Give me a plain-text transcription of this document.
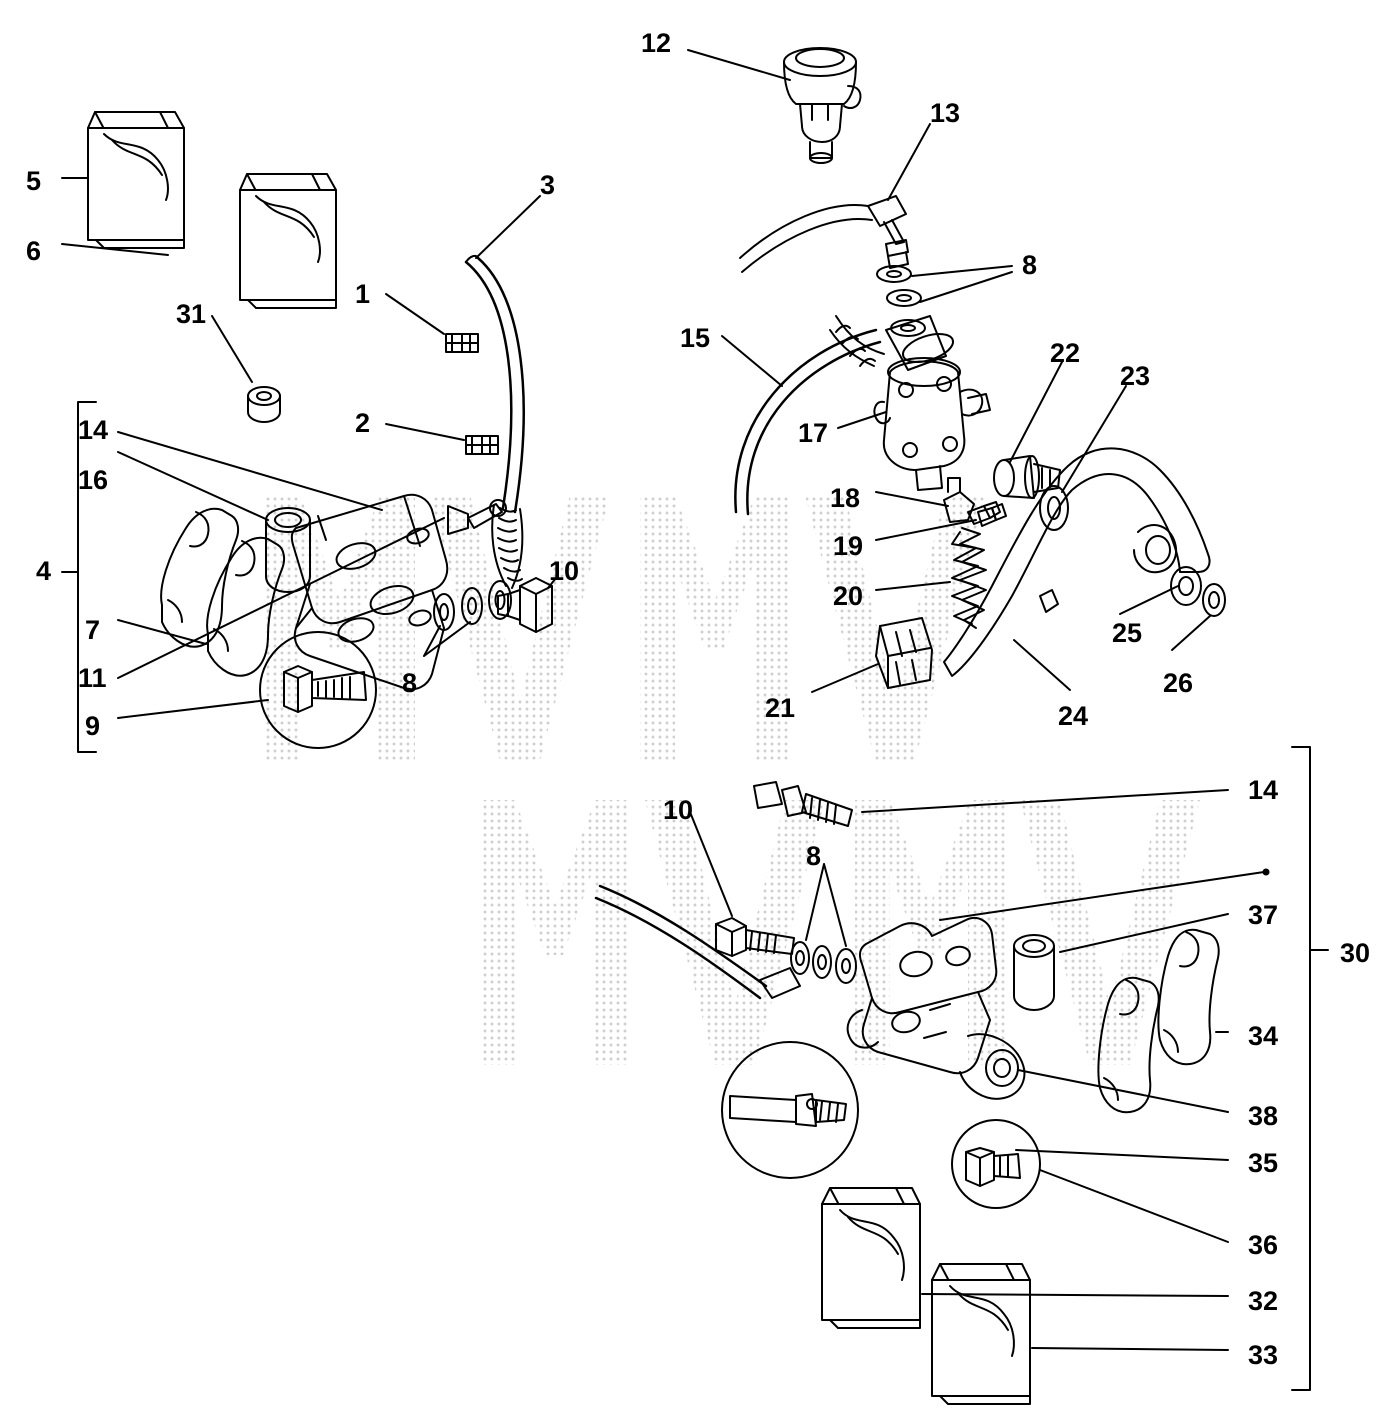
5
6
31
1
3
2
4
14
16
7
11
9
8
10
12
13
8
15
17
22
23
18
19
20
21	24
25
26
10
8
14
30
37
34
38
35
36
32
33
